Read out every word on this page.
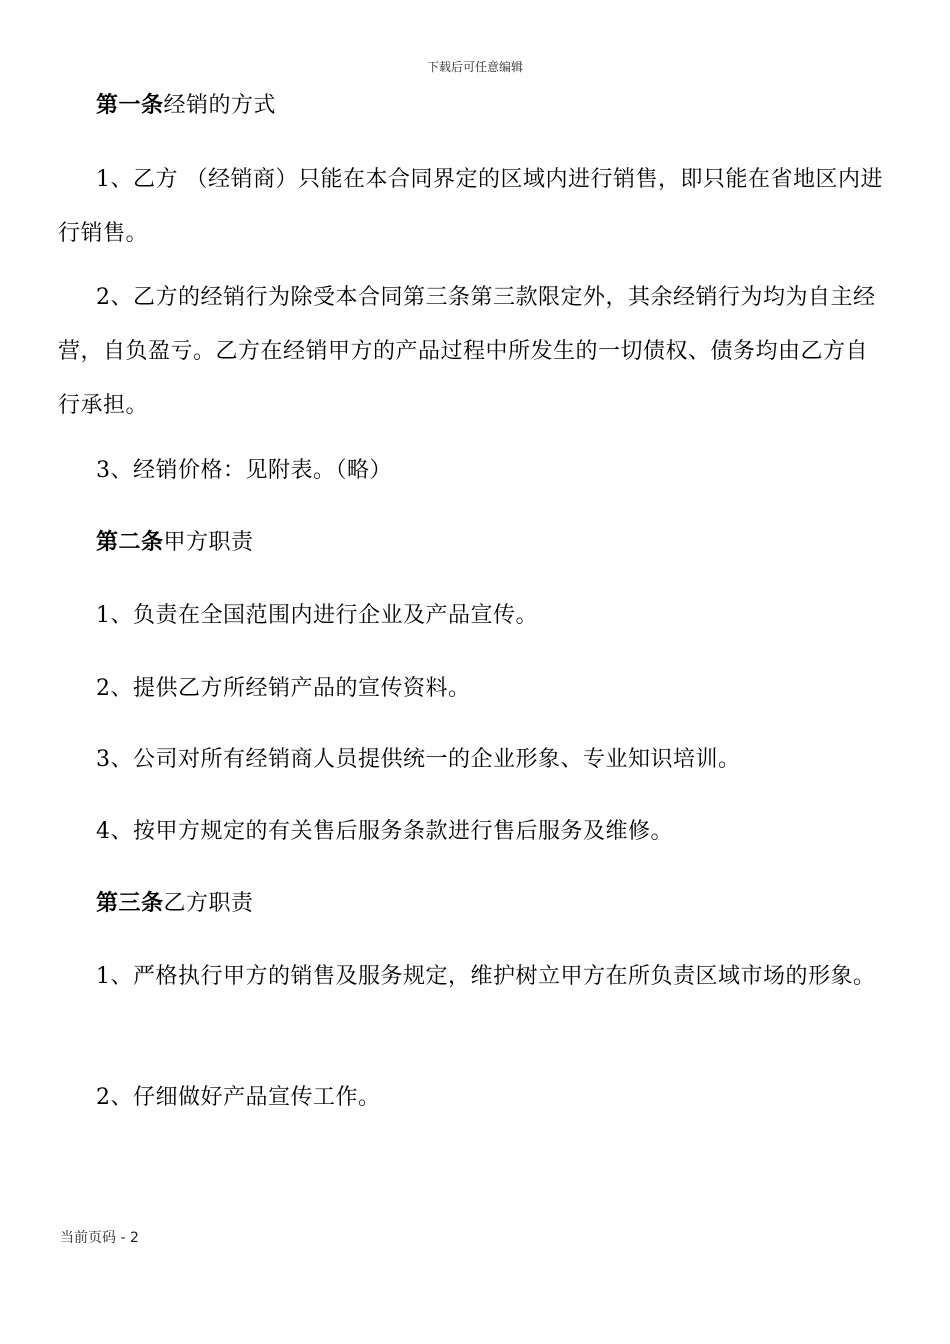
下载后可任意编辑
第一条经销的方式
1、乙方 （经销商）只能在本合同界定的区域内进行销售，即只能在省地区内进行销售。
2、乙方的经销行为除受本合同第三条第三款限定外，其余经销行为均为自主经营，自负盈亏。乙方在经销甲方的产品过程中所发生的一切债权、债务均由乙方自行承担。
3、经销价格：见附表。（略）
第二条甲方职责
1、负责在全国范围内进行企业及产品宣传。
2、提供乙方所经销产品的宣传资料。
3、公司对所有经销商人员提供统一的企业形象、专业知识培训。
4、按甲方规定的有关售后服务条款进行售后服务及维修。
第三条乙方职责
1、严格执行甲方的销售及服务规定，维护树立甲方在所负责区域市场的形象。
2、仔细做好产品宣传工作。
当前页码 - 2
